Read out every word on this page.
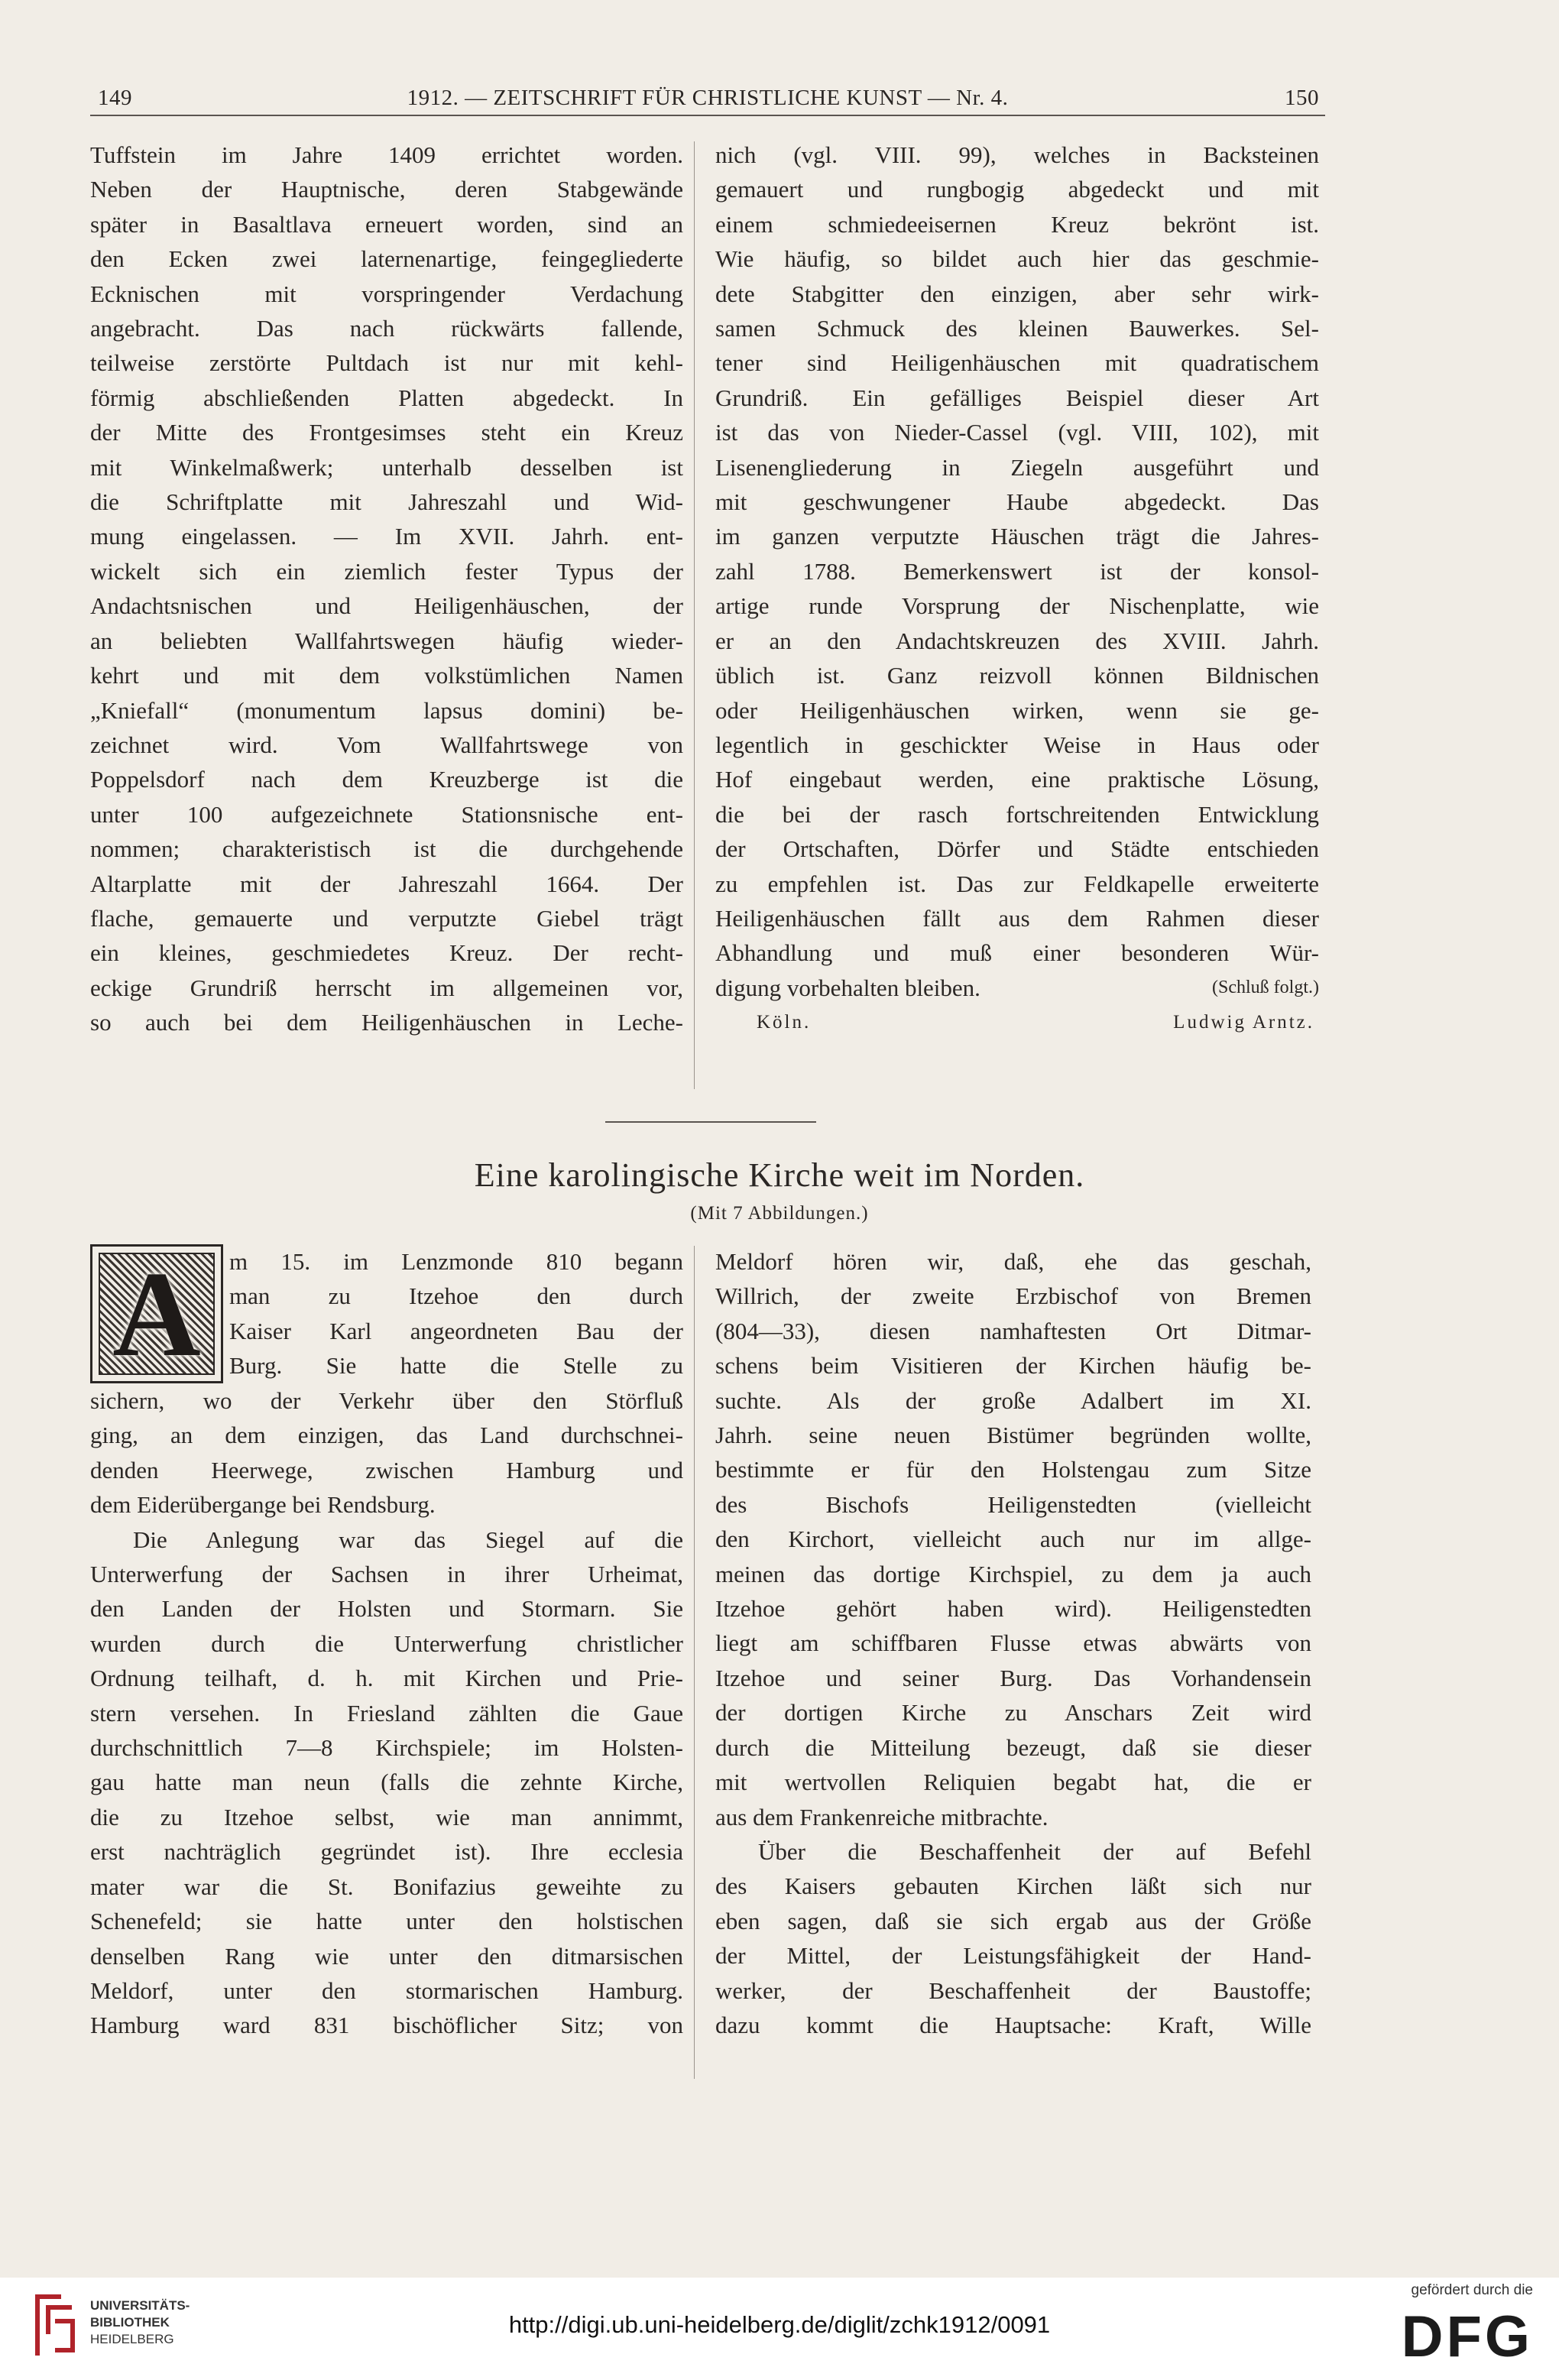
149	1912. — ZEITSCHRIFT FÜR CHRISTLICHE KUNST — Nr. 4.	150
Tuffstein im Jahre 1409 errichtet worden.
Neben der Hauptnische, deren Stabgewände
später in Basaltlava erneuert worden, sind an
den Ecken zwei laternenartige, feingegliederte
Ecknischen mit vorspringender Verdachung
angebracht. Das nach rückwärts fallende,
teilweise zerstörte Pultdach ist nur mit kehl-
förmig abschließenden Platten abgedeckt. In
der Mitte des Frontgesimses steht ein Kreuz
mit Winkelmaßwerk; unterhalb desselben ist
die Schriftplatte mit Jahreszahl und Wid-
mung eingelassen. — Im XVII. Jahrh. ent-
wickelt sich ein ziemlich fester Typus der
Andachtsnischen und Heiligenhäuschen, der
an beliebten Wallfahrtswegen häufig wieder-
kehrt und mit dem volkstümlichen Namen
„Kniefall“ (monumentum lapsus domini) be-
zeichnet wird. Vom Wallfahrtswege von
Poppelsdorf nach dem Kreuzberge ist die
unter 100 aufgezeichnete Stationsnische ent-
nommen; charakteristisch ist die durchgehende
Altarplatte mit der Jahreszahl 1664. Der
flache, gemauerte und verputzte Giebel trägt
ein kleines, geschmiedetes Kreuz. Der recht-
eckige Grundriß herrscht im allgemeinen vor,
so auch bei dem Heiligenhäuschen in Leche-
nich (vgl. VIII. 99), welches in Backsteinen
gemauert und rungbogig abgedeckt und mit
einem schmiedeeisernen Kreuz bekrönt ist.
Wie häufig, so bildet auch hier das geschmie-
dete Stabgitter den einzigen, aber sehr wirk-
samen Schmuck des kleinen Bauwerkes. Sel-
tener sind Heiligenhäuschen mit quadratischem
Grundriß. Ein gefälliges Beispiel dieser Art
ist das von Nieder-Cassel (vgl. VIII, 102), mit
Lisenengliederung in Ziegeln ausgeführt und
mit geschwungener Haube abgedeckt. Das
im ganzen verputzte Häuschen trägt die Jahres-
zahl 1788. Bemerkenswert ist der konsol-
artige runde Vorsprung der Nischenplatte, wie
er an den Andachtskreuzen des XVIII. Jahrh.
üblich ist. Ganz reizvoll können Bildnischen
oder Heiligenhäuschen wirken, wenn sie ge-
legentlich in geschickter Weise in Haus oder
Hof eingebaut werden, eine praktische Lösung,
die bei der rasch fortschreitenden Entwicklung
der Ortschaften, Dörfer und Städte entschieden
zu empfehlen ist. Das zur Feldkapelle erweiterte
Heiligenhäuschen fällt aus dem Rahmen dieser
Abhandlung und muß einer besonderen Wür-
digung vorbehalten bleiben.	(Schluß folgt.)
Köln.	Ludwig Arntz.
Eine karolingische Kirche weit im Norden.
(Mit 7 Abbildungen.)
A	m 15. im Lenzmonde 810 begann
man zu Itzehoe den durch
Kaiser Karl angeordneten Bau der
Burg. Sie hatte die Stelle zu
sichern, wo der Verkehr über den Störfluß
ging, an dem einzigen, das Land durchschnei-
denden Heerwege, zwischen Hamburg und
dem Eiderübergange bei Rendsburg.
Die Anlegung war das Siegel auf die
Unterwerfung der Sachsen in ihrer Urheimat,
den Landen der Holsten und Stormarn. Sie
wurden durch die Unterwerfung christlicher
Ordnung teilhaft, d. h. mit Kirchen und Prie-
stern versehen. In Friesland zählten die Gaue
durchschnittlich 7—8 Kirchspiele; im Holsten-
gau hatte man neun (falls die zehnte Kirche,
die zu Itzehoe selbst, wie man annimmt,
erst nachträglich gegründet ist). Ihre ecclesia
mater war die St. Bonifazius geweihte zu
Schenefeld; sie hatte unter den holstischen
denselben Rang wie unter den ditmarsischen
Meldorf, unter den stormarischen Hamburg.
Hamburg ward 831 bischöflicher Sitz; von
Meldorf hören wir, daß, ehe das geschah,
Willrich, der zweite Erzbischof von Bremen
(804—33), diesen namhaftesten Ort Ditmar-
schens beim Visitieren der Kirchen häufig be-
suchte. Als der große Adalbert im XI.
Jahrh. seine neuen Bistümer begründen wollte,
bestimmte er für den Holstengau zum Sitze
des Bischofs Heiligenstedten (vielleicht
den Kirchort, vielleicht auch nur im allge-
meinen das dortige Kirchspiel, zu dem ja auch
Itzehoe gehört haben wird). Heiligenstedten
liegt am schiffbaren Flusse etwas abwärts von
Itzehoe und seiner Burg. Das Vorhandensein
der dortigen Kirche zu Anschars Zeit wird
durch die Mitteilung bezeugt, daß sie dieser
mit wertvollen Reliquien begabt hat, die er
aus dem Frankenreiche mitbrachte.
Über die Beschaffenheit der auf Befehl
des Kaisers gebauten Kirchen läßt sich nur
eben sagen, daß sie sich ergab aus der Größe
der Mittel, der Leistungsfähigkeit der Hand-
werker, der Beschaffenheit der Baustoffe;
dazu kommt die Hauptsache: Kraft, Wille
UNIVERSITÄTS-
BIBLIOTHEK
HEIDELBERG
http://digi.ub.uni-heidelberg.de/diglit/zchk1912/0091
gefördert durch die
DFG
